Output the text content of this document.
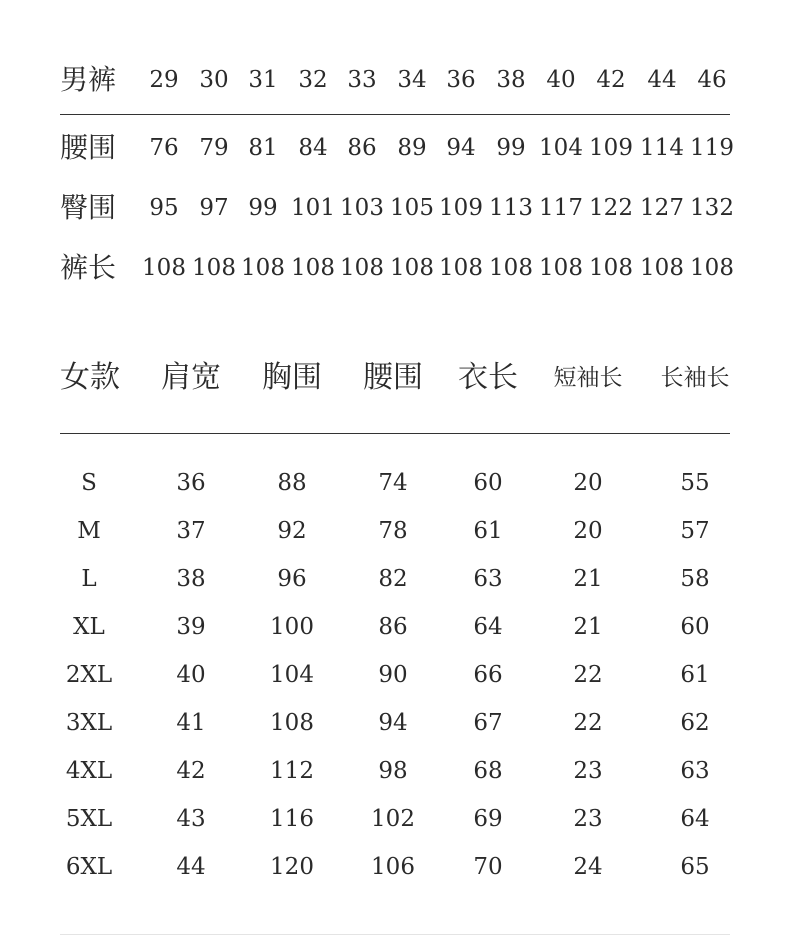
女款	肩宽	胸围	腰围	衣长	短袖长	长袖长
S	36	88	74	60	20	55
M	37	92	78	61	20	57
L	38	96	82	63	21	58
XL	39	100	86	64	21	60
2XL	40	104	90	66	22	61
3XL	41	108	94	67	22	62
4XL	42	112	98	68	23	63
5XL	43	116	102	69	23	64
6XL	44	120	106	70	24	65
男裤	29 30 31 32 33 34 36 38 40 42 44 46
腰围	76 79 81 84 86 89 94 99 104 109 114 119
臀围	95 97 99 101 103 105 109 113 117 122 127 132
裤长 108 108 108 108 108 108 108 108 108 108 108 108
